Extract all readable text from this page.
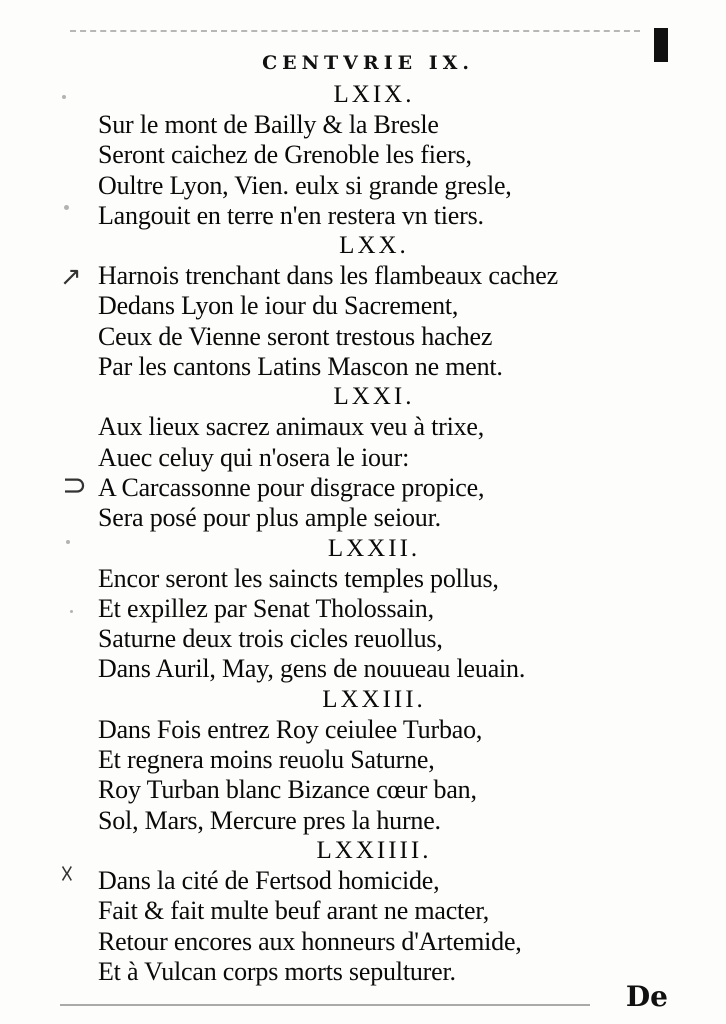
CENTVRIE IX.
LXIX.
Sur le mont de Bailly & la Bresle
Seront caichez de Grenoble les fiers,
Oultre Lyon, Vien. eulx si grande gresle,
Langouit en terre n'en restera vn tiers.
LXX.
Harnois trenchant dans les flambeaux cachez
Dedans Lyon le iour du Sacrement,
Ceux de Vienne seront trestous hachez
Par les cantons Latins Mascon ne ment.
LXXI.
Aux lieux sacrez animaux veu à trixe,
Auec celuy qui n'osera le iour:
A Carcassonne pour disgrace propice,
Sera posé pour plus ample seiour.
LXXII.
Encor seront les saincts temples pollus,
Et expillez par Senat Tholossain,
Saturne deux trois cicles reuollus,
Dans Auril, May, gens de nouueau leuain.
LXXIII.
Dans Fois entrez Roy ceiulee Turbao,
Et regnera moins reuolu Saturne,
Roy Turban blanc Bizance cœur ban,
Sol, Mars, Mercure pres la hurne.
LXXIIII.
Dans la cité de Fertsod homicide,
Fait & fait multe beuf arant ne macter,
Retour encores aux honneurs d'Artemide,
Et à Vulcan corps morts sepulturer.
↗
⊃
☓
De
